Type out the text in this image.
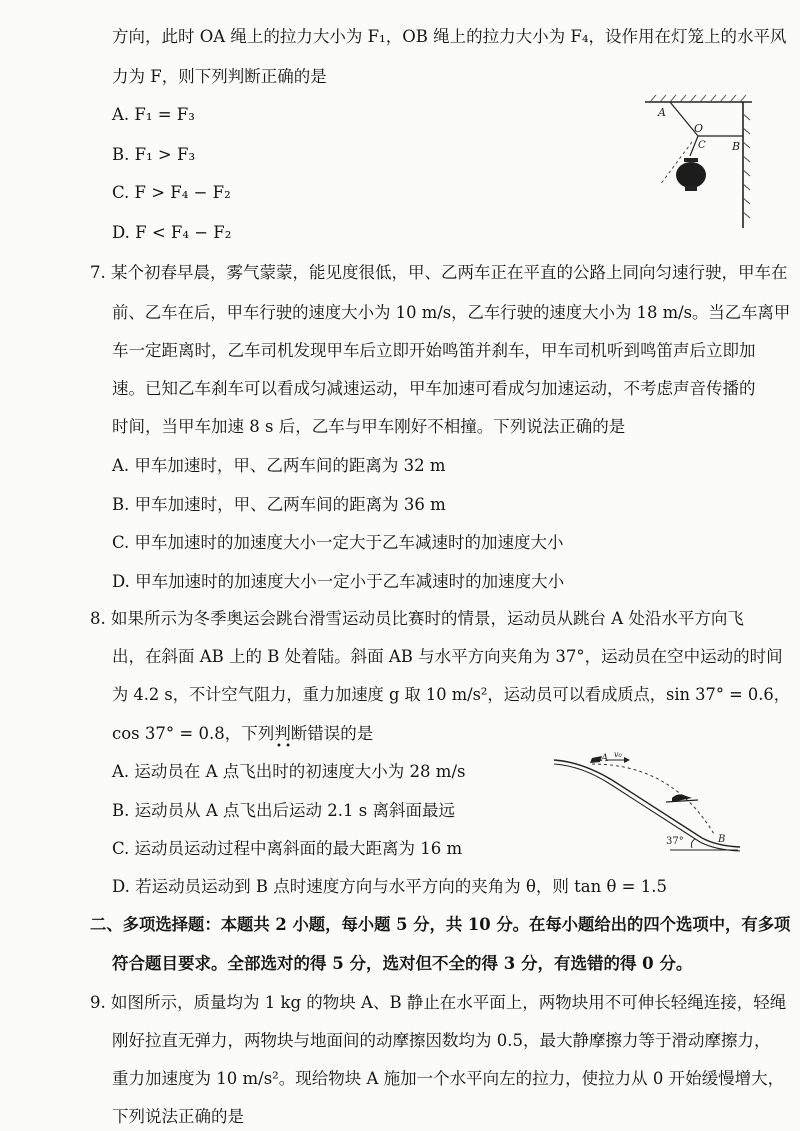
方向，此时 OA 绳上的拉力大小为 F₁，OB 绳上的拉力大小为 F₄，设作用在灯笼上的水平风
力为 F，则下列判断正确的是
A. F₁ = F₃
B. F₁ > F₃
C. F > F₄ − F₂
D. F < F₄ − F₂
A
O
B
C
7. 某个初春早晨，雾气蒙蒙，能见度很低，甲、乙两车正在平直的公路上同向匀速行驶，甲车在
前、乙车在后，甲车行驶的速度大小为 10 m/s，乙车行驶的速度大小为 18 m/s。当乙车离甲
车一定距离时，乙车司机发现甲车后立即开始鸣笛并刹车，甲车司机听到鸣笛声后立即加
速。已知乙车刹车可以看成匀减速运动，甲车加速可看成匀加速运动，不考虑声音传播的
时间，当甲车加速 8 s 后，乙车与甲车刚好不相撞。下列说法正确的是
A. 甲车加速时，甲、乙两车间的距离为 32 m
B. 甲车加速时，甲、乙两车间的距离为 36 m
C. 甲车加速时的加速度大小一定大于乙车减速时的加速度大小
D. 甲车加速时的加速度大小一定小于乙车减速时的加速度大小
8. 如果所示为冬季奥运会跳台滑雪运动员比赛时的情景，运动员从跳台 A 处沿水平方向飞
出，在斜面 AB 上的 B 处着陆。斜面 AB 与水平方向夹角为 37°，运动员在空中运动的时间
为 4.2 s，不计空气阻力，重力加速度 g 取 10 m/s²，运动员可以看成质点，sin 37° = 0.6，
cos 37° = 0.8，下列判断错误的是
• •
A. 运动员在 A 点飞出时的初速度大小为 28 m/s
B. 运动员从 A 点飞出后运动 2.1 s 离斜面最远
C. 运动员运动过程中离斜面的最大距离为 16 m
D. 若运动员运动到 B 点时速度方向与水平方向的夹角为 θ，则 tan θ = 1.5
A v₀
B
37°
二、多项选择题：本题共 2 小题，每小题 5 分，共 10 分。在每小题给出的四个选项中，有多项
符合题目要求。全部选对的得 5 分，选对但不全的得 3 分，有选错的得 0 分。
9. 如图所示，质量均为 1 kg 的物块 A、B 静止在水平面上，两物块用不可伸长轻绳连接，轻绳
刚好拉直无弹力，两物块与地面间的动摩擦因数均为 0.5，最大静摩擦力等于滑动摩擦力，
重力加速度为 10 m/s²。现给物块 A 施加一个水平向左的拉力，使拉力从 0 开始缓慢增大，
下列说法正确的是
